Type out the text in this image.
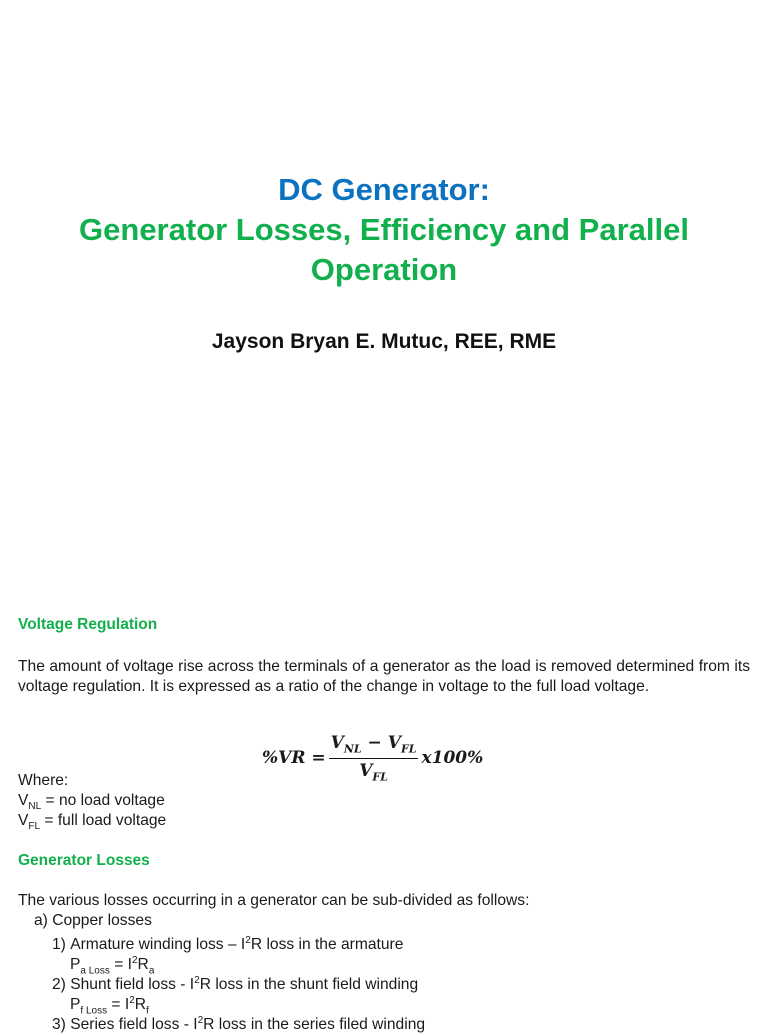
DC Generator:
Generator Losses, Efficiency and Parallel
Operation
Jayson Bryan E. Mutuc, REE, RME
Voltage Regulation
The amount of voltage rise across the terminals of a generator as the load is removed determined from its voltage regulation. It is expressed as a ratio of the change in voltage to the full load voltage.
$\%VR = \frac{V_{NL} - V_{FL}}{V_{FL}} x100\%$
Where:
$V_{NL}$ = no load voltage
$V_{FL}$ = full load voltage
Generator Losses
The various losses occurring in a generator can be sub-divided as follows:
a) Copper losses
1) Armature winding loss – $I^2R$ loss in the armature
$P_{a Loss} = I^2R_a$
2) Shunt field loss - $I^2R$ loss in the shunt field winding
$P_{f Loss} = I^2R_f$
3) Series field loss - $I^2R$ loss in the series filed winding
